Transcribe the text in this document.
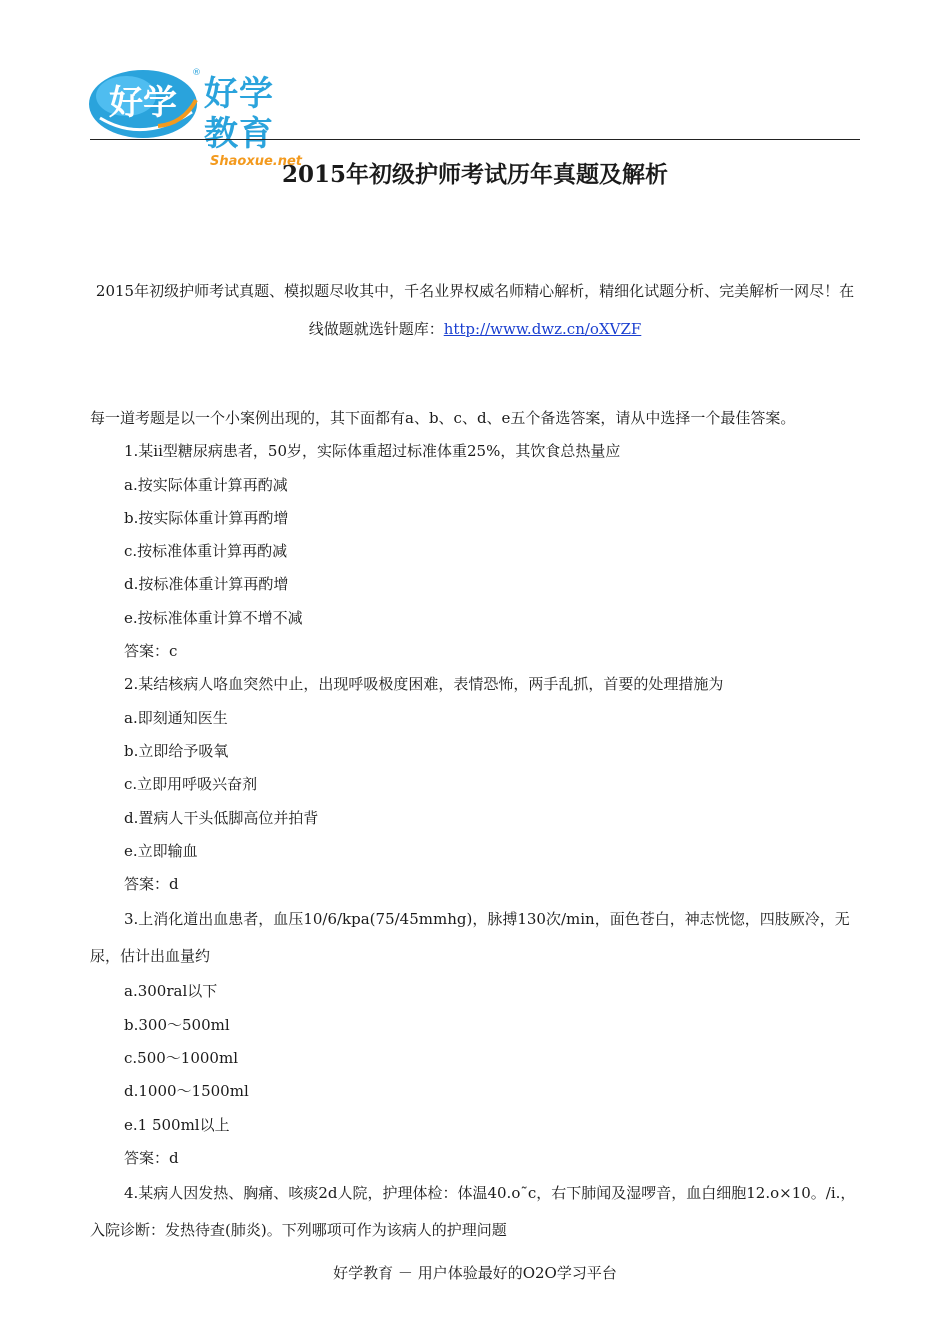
好学
®
好学教育
Shaoxue.net
2015年初级护师考试历年真题及解析
2015年初级护师考试真题、模拟题尽收其中，千名业界权威名师精心解析，精细化试题分析、完美解析一网尽！在线做题就选针题库：http://www.dwz.cn/oXVZF

每一道考题是以一个小案例出现的，其下面都有a、b、c、d、e五个备选答案，请从中选择一个最佳答案。

1.某ii型糖尿病患者，50岁，实际体重超过标准体重25%，其饮食总热量应

a.按实际体重计算再酌减

b.按实际体重计算再酌增

c.按标准体重计算再酌减

d.按标准体重计算再酌增

e.按标准体重计算不增不减

答案：c

2.某结核病人咯血突然中止，出现呼吸极度困难，表情恐怖，两手乱抓，首要的处理措施为

a.即刻通知医生

b.立即给予吸氧

c.立即用呼吸兴奋剂

d.置病人干头低脚高位并拍背

e.立即输血

答案：d

3.上消化道出血患者，血压10/6/kpa(75/45mmhg)，脉搏130次/min，面色苍白，神志恍惚，四肢厥冷，无尿，估计出血量约

a.300ral以下

b.300～500ml

c.500～1000ml

d.1000～1500ml

e.1 500ml以上

答案：d

4.某病人因发热、胸痛、咳痰2d人院，护理体检：体温40.o˜c，右下肺闻及湿啰音，血白细胞12.o×10。/i.，入院诊断：发热待查(肺炎)。下列哪项可作为该病人的护理问题

好学教育 － 用户体验最好的O2O学习平台
